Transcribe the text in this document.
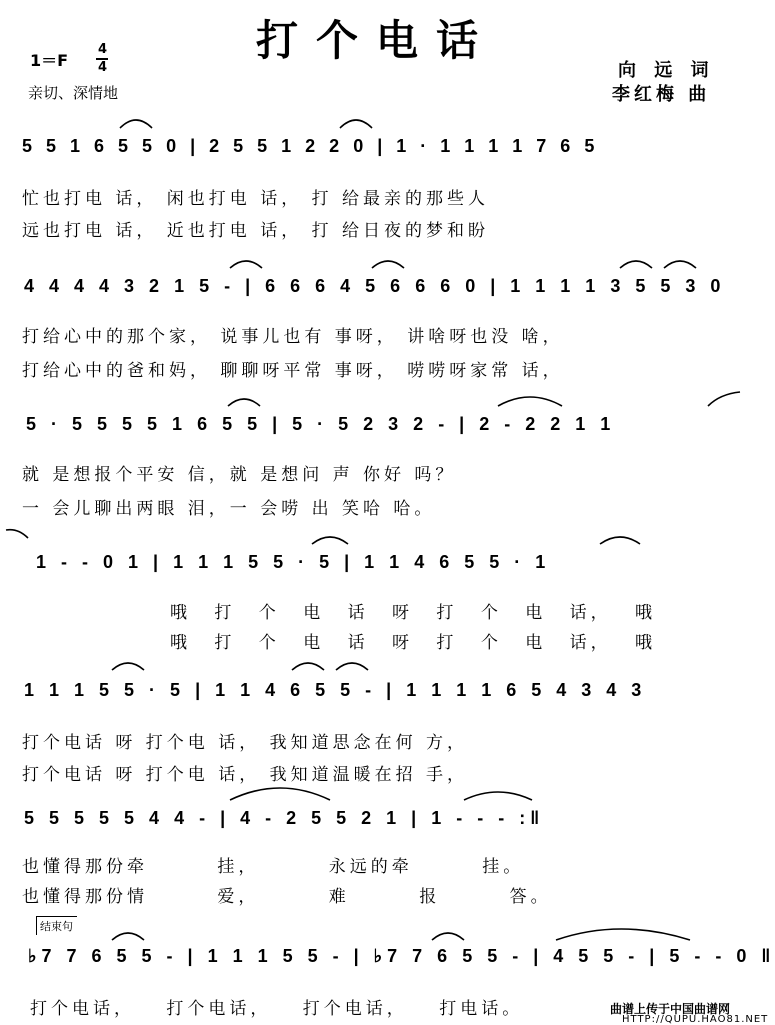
打个电话
1＝F
4
4
亲切、深情地
向 远 词
李红梅 曲
5 5 1 6 5 5 0 | 2 5 5 1 2 2 0 | 1 · 1 1 1 1 7 6 5
忙也打电 话， 闲也打电 话， 打 给最亲的那些人
远也打电 话， 近也打电 话， 打 给日夜的梦和盼
4 4 4 4 3 2 1 5 - | 6 6 6 4 5 6 6 6 0 | 1 1 1 1 3 5 5 3 0
打给心中的那个家， 说事儿也有 事呀， 讲啥呀也没 啥，
打给心中的爸和妈， 聊聊呀平常 事呀， 唠唠呀家常 话，
5 · 5 5 5 5 1 6 5 5 | 5 · 5 2 3 2 - | 2 - 2 2 1 1
就 是想报个平安 信，就 是想问 声 你好 吗？
一 会儿聊出两眼 泪，一 会唠 出 笑哈 哈。
1 - - 0 1 | 1 1 1 5 5 · 5 | 1 1 4 6 5 5 · 1
哦 打 个 电 话 呀 打 个 电 话， 哦
哦 打 个 电 话 呀 打 个 电 话， 哦
1 1 1 5 5 · 5 | 1 1 4 6 5 5 - | 1 1 1 1 6 5 4 3 4 3
打个电话 呀 打个电 话， 我知道思念在何 方，
打个电话 呀 打个电 话， 我知道温暖在招 手，
5 5 5 5 5 4 4 - | 4 - 2 5 5 2 1 | 1 - - - :‖
也懂得那份牵 挂， 永远的牵 挂。
也懂得那份情 爱， 难 报 答。
结束句
♭7 7 6 5 5 - | 1 1 1 5 5 - | ♭7 7 6 5 5 - | 4 5 5 - | 5 - - 0 ‖
打个电话， 打个电话， 打个电话， 打电话。	曲谱上传于中国曲谱网
HTTP://QUPU.HAO81.NET
